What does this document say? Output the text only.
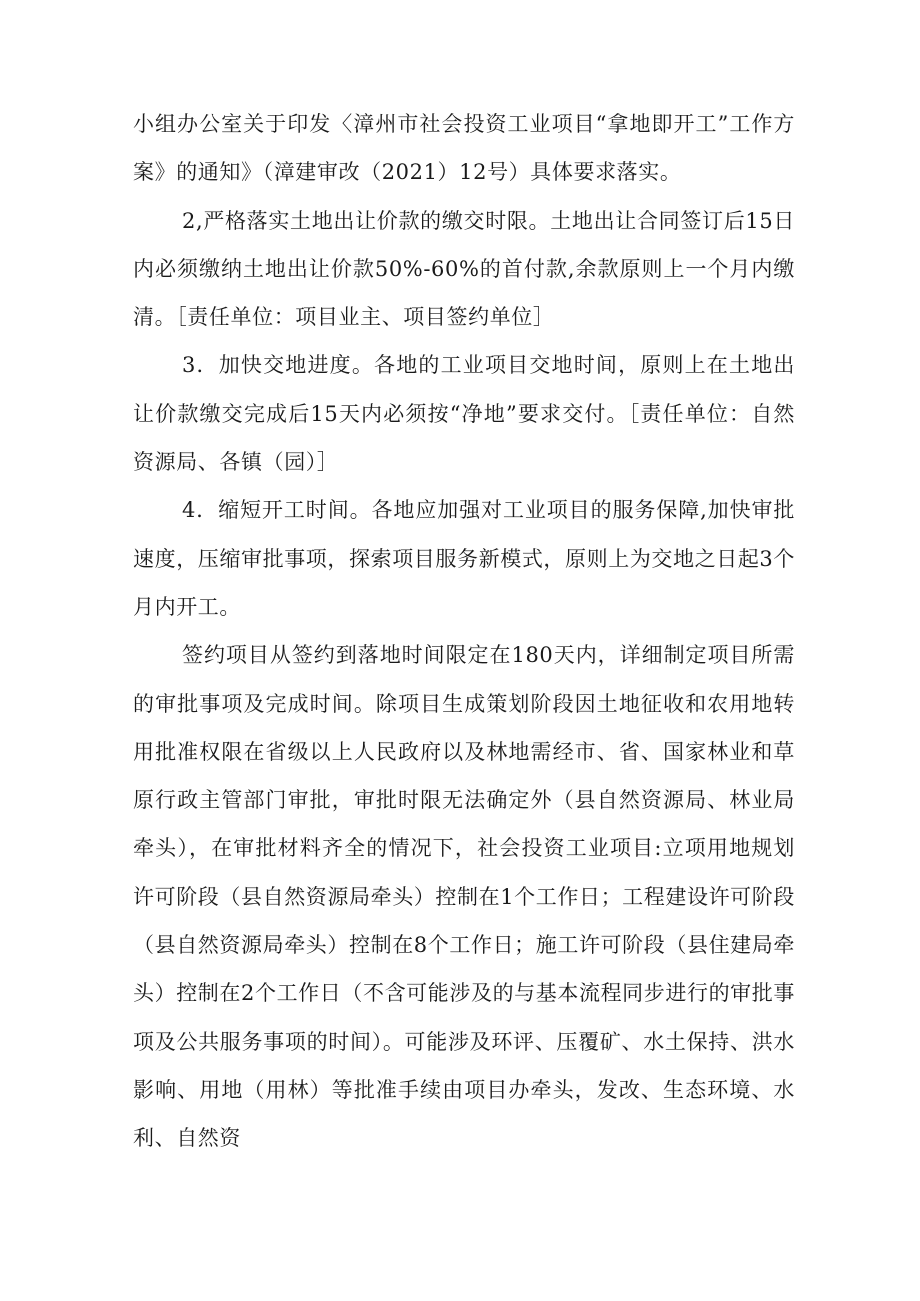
小组办公室关于印发〈漳州市社会投资工业项目“拿地即开工”工作方案》的通知》（漳建审改（2021）12号）具体要求落实。

2,严格落实土地出让价款的缴交时限。土地出让合同签订后15日内必须缴纳土地出让价款50%-60%的首付款,余款原则上一个月内缴清。［责任单位：项目业主、项目签约单位］

3．加快交地进度。各地的工业项目交地时间，原则上在土地出让价款缴交完成后15天内必须按“净地”要求交付。［责任单位：自然资源局、各镇（园）］

4．缩短开工时间。各地应加强对工业项目的服务保障,加快审批速度，压缩审批事项，探索项目服务新模式，原则上为交地之日起3个月内开工。

签约项目从签约到落地时间限定在180天内，详细制定项目所需的审批事项及完成时间。除项目生成策划阶段因土地征收和农用地转用批准权限在省级以上人民政府以及林地需经市、省、国家林业和草原行政主管部门审批，审批时限无法确定外（县自然资源局、林业局牵头），在审批材料齐全的情况下，社会投资工业项目:立项用地规划许可阶段（县自然资源局牵头）控制在1个工作日；工程建设许可阶段（县自然资源局牵头）控制在8个工作日；施工许可阶段（县住建局牵头）控制在2个工作日（不含可能涉及的与基本流程同步进行的审批事项及公共服务事项的时间）。可能涉及环评、压覆矿、水土保持、洪水影响、用地（用林）等批准手续由项目办牵头，发改、生态环境、水利、自然资
